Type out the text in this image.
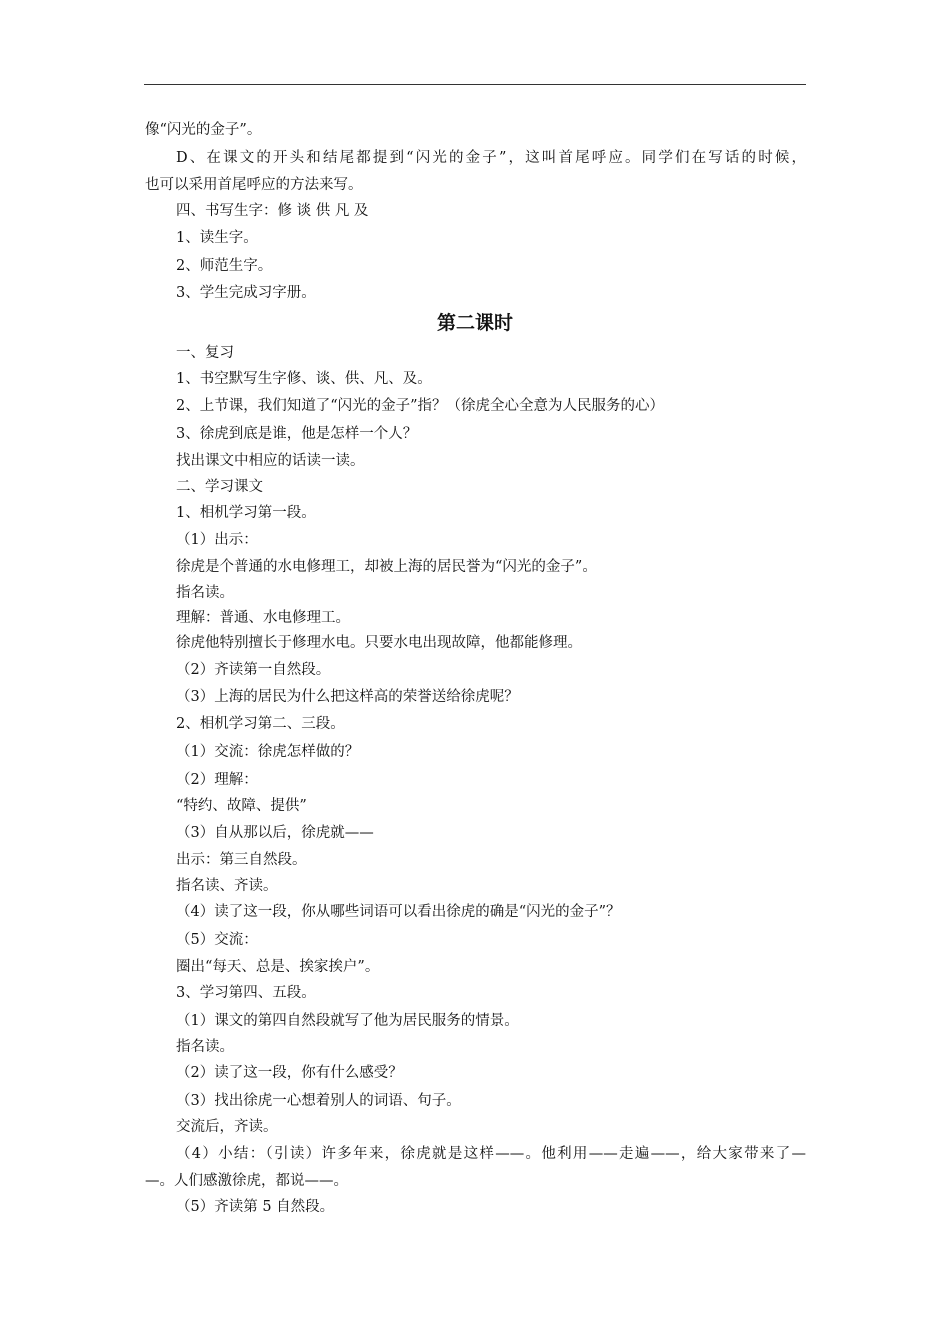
像“闪光的金子”。
D、在课文的开头和结尾都提到“闪光的金子”，这叫首尾呼应。同学们在写话的时候，
也可以采用首尾呼应的方法来写。
四、书写生字：修 谈 供 凡 及
1、读生字。
2、师范生字。
3、学生完成习字册。
第二课时
一、复习
1、书空默写生字修、谈、供、凡、及。
2、上节课，我们知道了“闪光的金子”指？（徐虎全心全意为人民服务的心）
3、徐虎到底是谁，他是怎样一个人？
找出课文中相应的话读一读。
二、学习课文
1、相机学习第一段。
（1）出示：
徐虎是个普通的水电修理工，却被上海的居民誉为“闪光的金子”。
指名读。
理解：普通、水电修理工。
徐虎他特别擅长于修理水电。只要水电出现故障，他都能修理。
（2）齐读第一自然段。
（3）上海的居民为什么把这样高的荣誉送给徐虎呢？
2、相机学习第二、三段。
（1）交流：徐虎怎样做的？
（2）理解：
“特约、故障、提供”
（3）自从那以后，徐虎就——
出示：第三自然段。
指名读、齐读。
（4）读了这一段，你从哪些词语可以看出徐虎的确是“闪光的金子”？
（5）交流：
圈出“每天、总是、挨家挨户”。
3、学习第四、五段。
（1）课文的第四自然段就写了他为居民服务的情景。
指名读。
（2）读了这一段，你有什么感受？
（3）找出徐虎一心想着别人的词语、句子。
交流后，齐读。
（4）小结：（引读）许多年来，徐虎就是这样——。他利用——走遍——，给大家带来了—
—。人们感激徐虎，都说——。
（5）齐读第 5 自然段。
